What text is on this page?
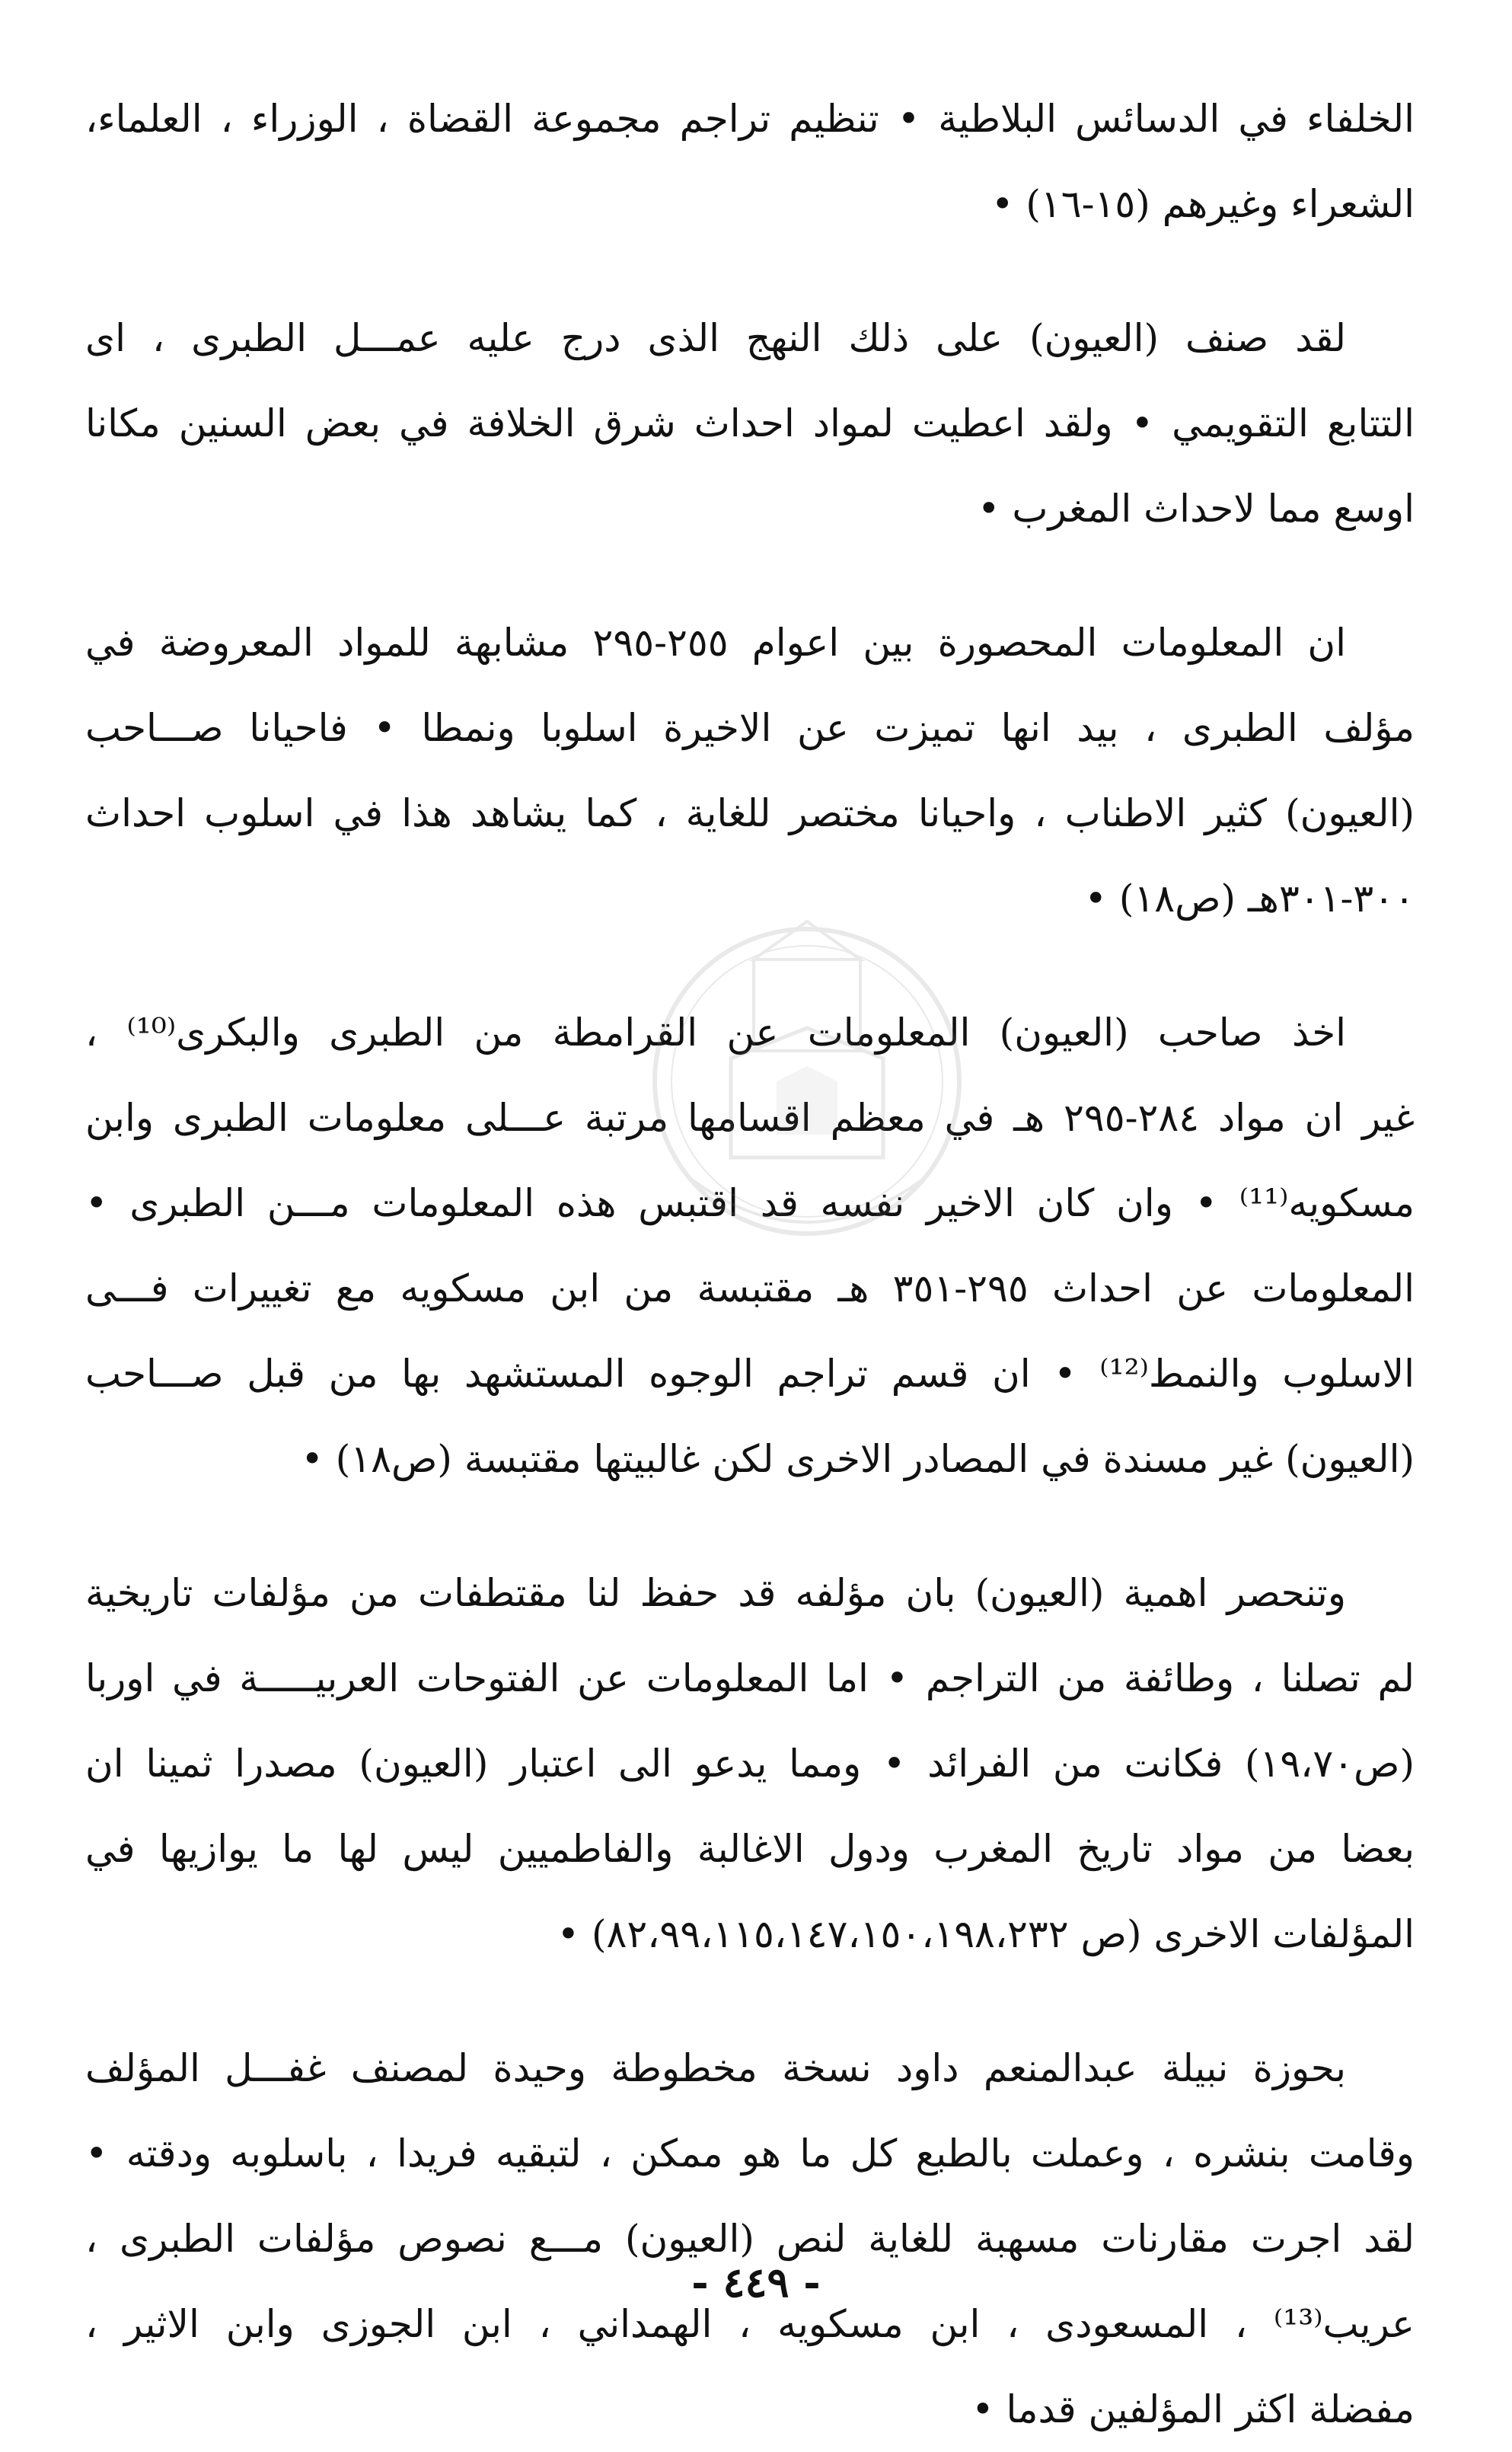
الخلفاء في الدسائس البلاطية • تنظيم تراجم مجموعة القضاة ، الوزراء ، العلماء،
الشعراء وغيرهم (١٥-١٦) •
لقد صنف (العيون) على ذلك النهج الذى درج عليه عمـــل الطبرى ، اى
التتابع التقويمي • ولقد اعطيت لمواد احداث شرق الخلافة في بعض السنين مكانا
اوسع مما لاحداث المغرب •
ان المعلومات المحصورة بين اعوام ٢٥٥-٢٩٥ مشابهة للمواد المعروضة في
مؤلف الطبرى ، بيد انها تميزت عن الاخيرة اسلوبا ونمطا • فاحيانا صـــاحب
(العيون) كثير الاطناب ، واحيانا مختصر للغاية ، كما يشاهد هذا في اسلوب احداث
٣٠٠-٣٠١هـ (ص١٨) •
اخذ صاحب (العيون) المعلومات عن القرامطة من الطبرى والبكرى⁽¹⁰⁾ ،
غير ان مواد ٢٨٤-٢٩٥ هـ في معظم اقسامها مرتبة عـــلى معلومات الطبرى وابن
مسكويه⁽¹¹⁾ • وان كان الاخير نفسه قد اقتبس هذه المعلومات مـــن الطبرى •
المعلومات عن احداث ٢٩٥-٣٥١ هـ مقتبسة من ابن مسكويه مع تغييرات فـــى
الاسلوب والنمط⁽¹²⁾ • ان قسم تراجم الوجوه المستشهد بها من قبل صـــاحب
(العيون) غير مسندة في المصادر الاخرى لكن غالبيتها مقتبسة (ص١٨) •
وتنحصر اهمية (العيون) بان مؤلفه قد حفظ لنا مقتطفات من مؤلفات تاريخية
لم تصلنا ، وطائفة من التراجم • اما المعلومات عن الفتوحات العربيـــــة في اوربا
(ص١٩،٧٠) فكانت من الفرائد • ومما يدعو الى اعتبار (العيون) مصدرا ثمينا ان
بعضا من مواد تاريخ المغرب ودول الاغالبة والفاطميين ليس لها ما يوازيها في
المؤلفات الاخرى (ص ٨٢،٩٩،١١٥،١٤٧،١٥٠،١٩٨،٢٣٢) •
بحوزة نبيلة عبدالمنعم داود نسخة مخطوطة وحيدة لمصنف غفـــل المؤلف
وقامت بنشره ، وعملت بالطبع كل ما هو ممكن ، لتبقيه فريدا ، باسلوبه ودقته •
لقد اجرت مقارنات مسهبة للغاية لنص (العيون) مـــع نصوص مؤلفات الطبرى ،
عريب⁽¹³⁾ ، المسعودى ، ابن مسكويه ، الهمداني ، ابن الجوزى وابن الاثير ،
مفضلة اكثر المؤلفين قدما •
- ٤٤٩ -
